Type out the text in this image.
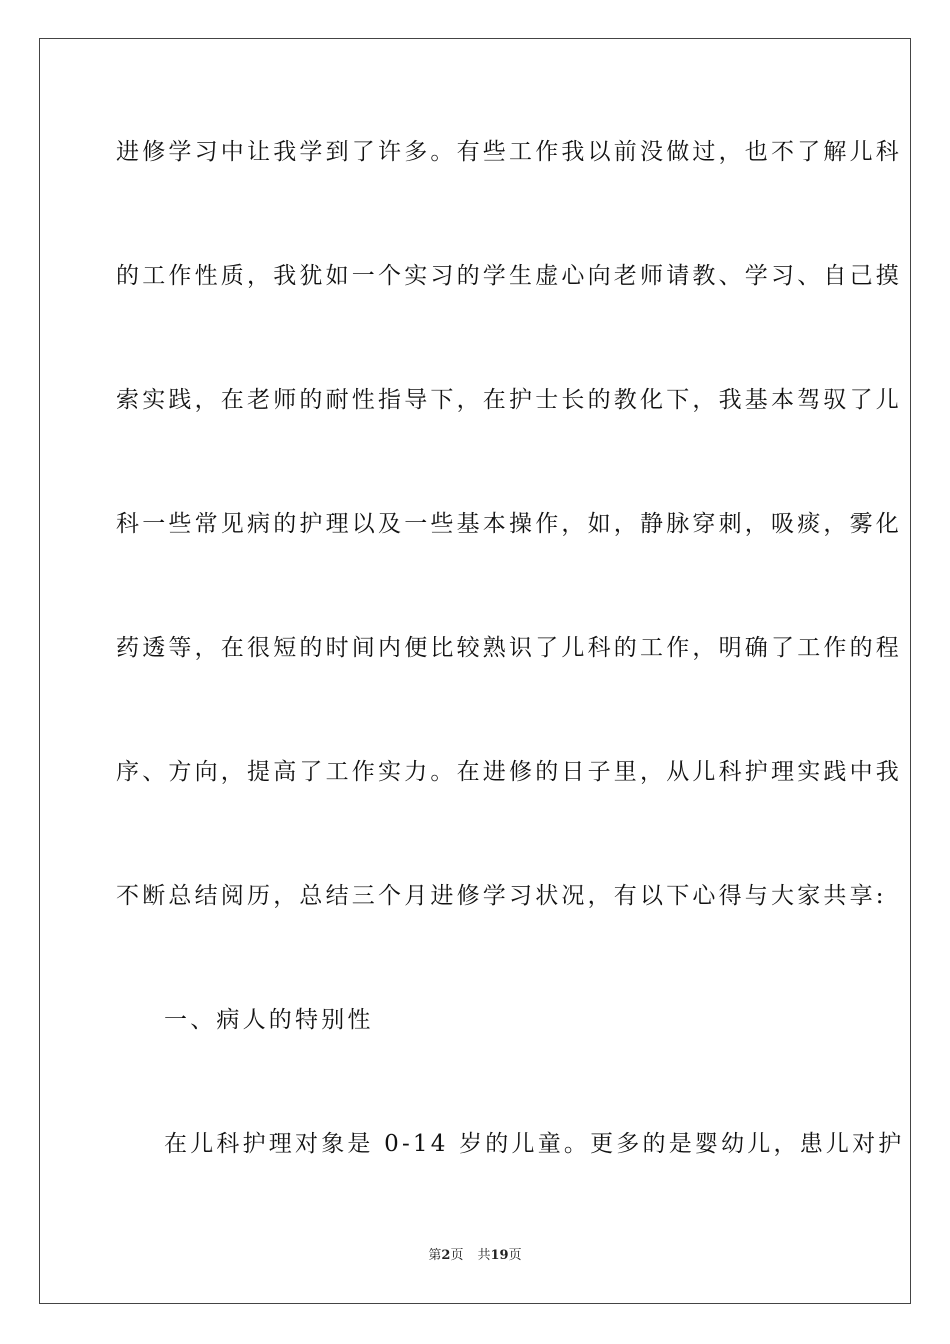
进修学习中让我学到了许多。有些工作我以前没做过，也不了解儿科
的工作性质，我犹如一个实习的学生虚心向老师请教、学习、自己摸
索实践，在老师的耐性指导下，在护士长的教化下，我基本驾驭了儿
科一些常见病的护理以及一些基本操作，如，静脉穿刺，吸痰，雾化
药透等，在很短的时间内便比较熟识了儿科的工作，明确了工作的程
序、方向，提高了工作实力。在进修的日子里，从儿科护理实践中我
不断总结阅历，总结三个月进修学习状况，有以下心得与大家共享:
一、病人的特别性
在儿科护理对象是 0-14 岁的儿童。更多的是婴幼儿，患儿对护
第2页 共19页
